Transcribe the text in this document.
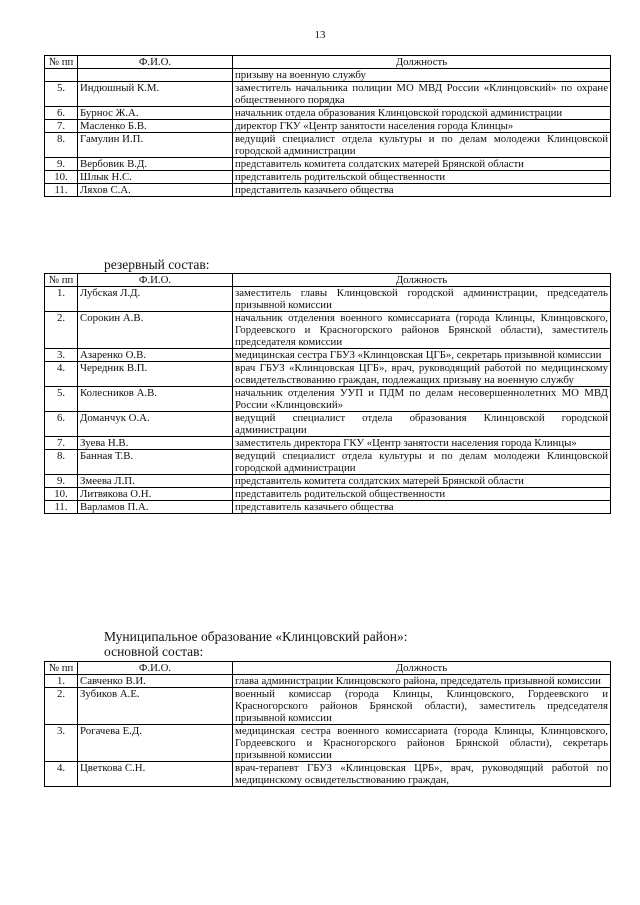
13
№ пп	Ф.И.О.	Должность
		призыву на военную службу
5.	Индюшный К.М.	заместитель начальника полиции МО МВД России «Клинцовский» по охране общественного порядка
6.	Бурнос Ж.А.	начальник отдела образования Клинцовской городской администрации
7.	Масленко Б.В.	директор ГКУ «Центр занятости населения города Клинцы»
8.	Гамулин И.П.	ведущий специалист отдела культуры и по делам молодежи Клинцовской городской администрации
9.	Вербовик В.Д.	представитель комитета солдатских матерей Брянской области
10.	Шлык Н.С.	представитель родительской общественности
11.	Ляхов С.А.	представитель казачьего общества
резервный состав:
№ пп	Ф.И.О.	Должность
1.	Лубская Л.Д.	заместитель главы Клинцовской городской администрации, председатель призывной комиссии
2.	Сорокин А.В.	начальник отделения военного комиссариата (города Клинцы, Клинцовского, Гордеевского и Красногорского районов Брянской области), заместитель председателя комиссии
3.	Азаренко О.В.	медицинская сестра ГБУЗ «Клинцовская ЦГБ», секретарь призывной комиссии
4.	Чередник В.П.	врач ГБУЗ «Клинцовская ЦГБ», врач, руководящий работой по медицинскому освидетельствованию граждан, подлежащих призыву на военную службу
5.	Колесников А.В.	начальник отделения УУП и ПДМ по делам несовершеннолетних МО МВД России «Клинцовский»
6.	Доманчук О.А.	ведущий специалист отдела образования Клинцовской городской администрации
7.	Зуева Н.В.	заместитель директора ГКУ «Центр занятости населения города Клинцы»
8.	Банная Т.В.	ведущий специалист отдела культуры и по делам молодежи Клинцовской городской администрации
9.	Змеева Л.П.	представитель комитета солдатских матерей Брянской области
10.	Литвякова О.Н.	представитель родительской общественности
11.	Варламов П.А.	представитель казачьего общества
Муниципальное образование «Клинцовский район»:
основной состав:
№ пп	Ф.И.О.	Должность
1.	Савченко В.И.	глава администрации Клинцовского района, председатель призывной комиссии
2.	Зубиков А.Е.	военный комиссар (города Клинцы, Клинцовского, Гордеевского и Красногорского районов Брянской области), заместитель председателя призывной комиссии
3.	Рогачева Е.Д.	медицинская сестра военного комиссариата (города Клинцы, Клинцовского, Гордеевского и Красногорского районов Брянской области), секретарь призывной комиссии
4.	Цветкова С.Н.	врач-терапевт ГБУЗ «Клинцовская ЦРБ», врач, руководящий работой по медицинскому освидетельствованию граждан,
